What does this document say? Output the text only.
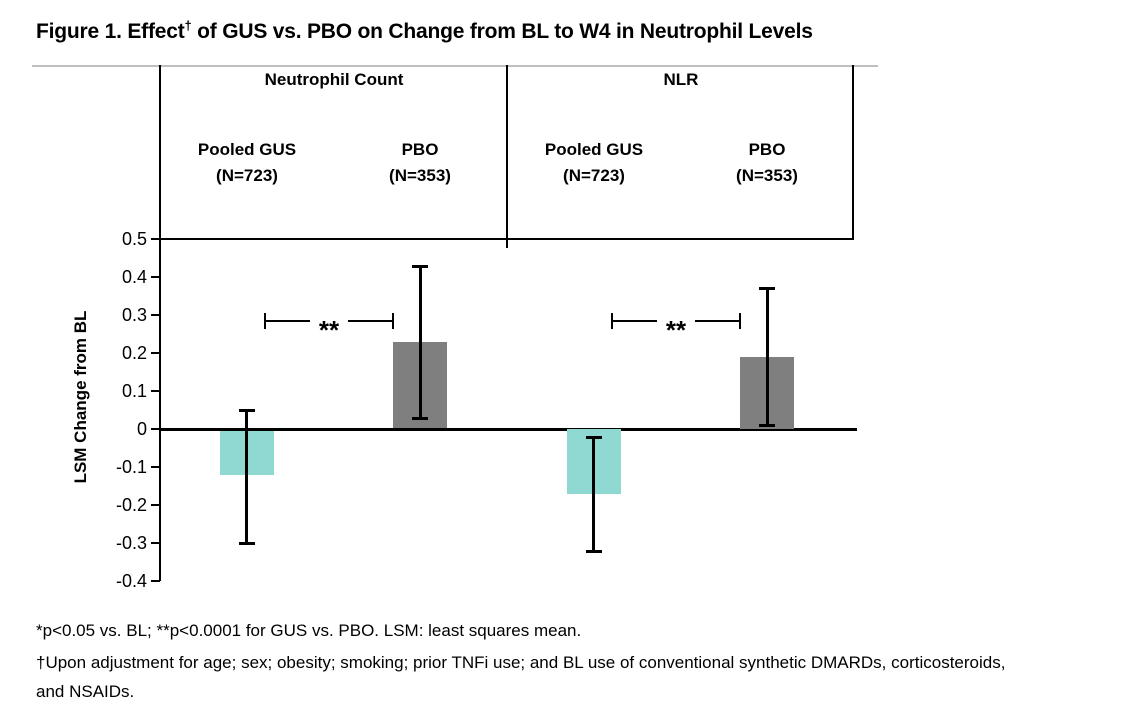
Figure 1. Effect† of GUS vs. PBO on Change from BL to W4 in Neutrophil Levels
0.5
0.4
0.3
0.2
0.1
0
-0.1
-0.2
-0.3
-0.4
LSM Change from BL
Neutrophil Count
Pooled GUS
(N=723)
PBO
(N=353)
**
NLR
Pooled GUS
(N=723)
PBO
(N=353)
**
*p<0.05 vs. BL; **p<0.0001 for GUS vs. PBO. LSM: least squares mean.
†Upon adjustment for age; sex; obesity; smoking; prior TNFi use; and BL use of conventional synthetic DMARDs, corticosteroids, and NSAIDs.
